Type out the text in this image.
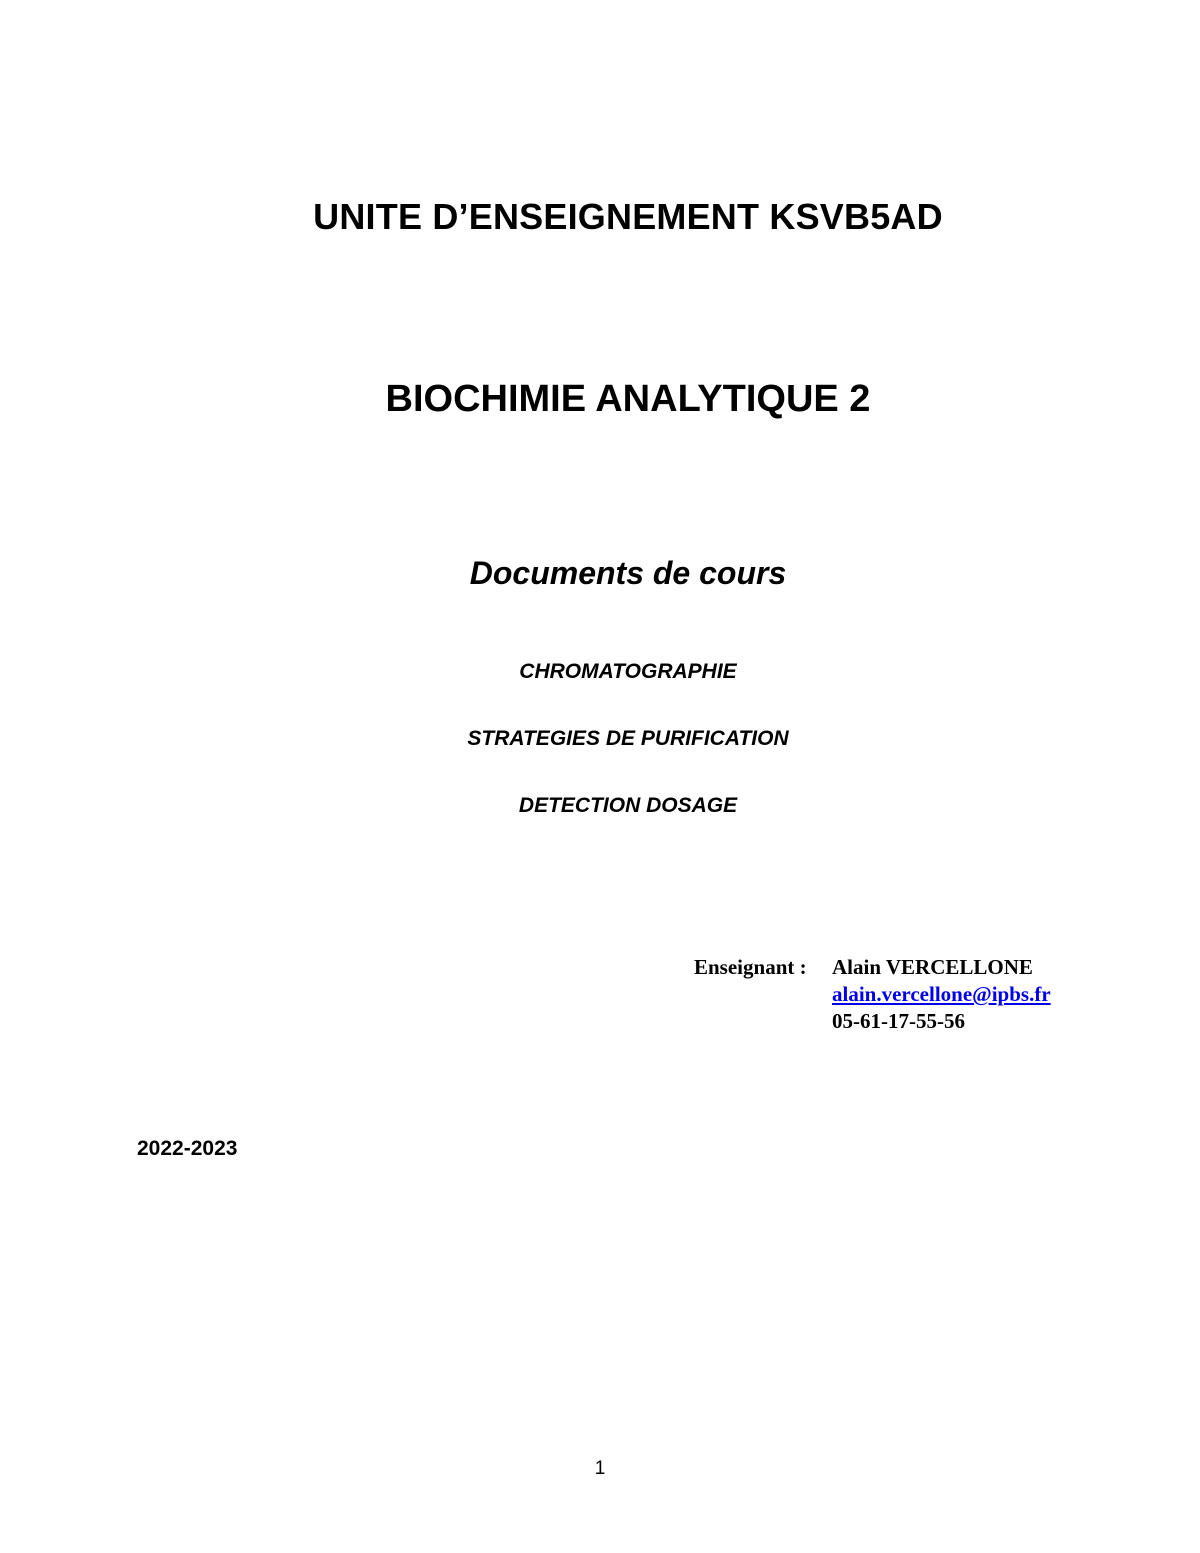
UNITE D’ENSEIGNEMENT KSVB5AD
BIOCHIMIE ANALYTIQUE 2
Documents de cours
CHROMATOGRAPHIE
STRATEGIES DE PURIFICATION
DETECTION DOSAGE
Enseignant :	Alain VERCELLONE
alain.vercellone@ipbs.fr
05-61-17-55-56
2022-2023
1
